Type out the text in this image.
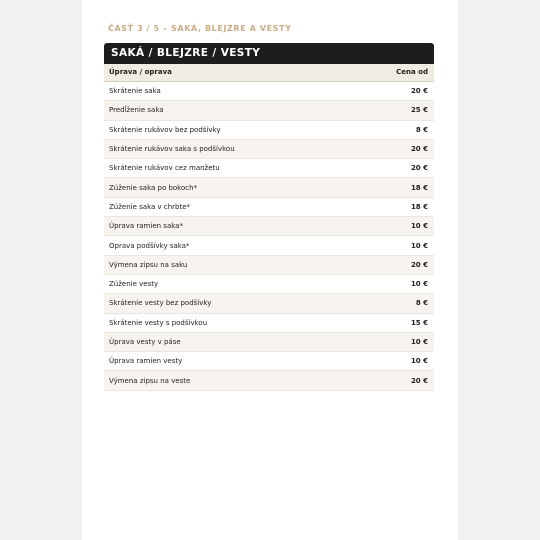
ČASŤ 3 / 5 – SAKÁ, BLEJZRE A VESTY
SAKÁ / BLEJZRE / VESTY
Úprava / oprava	Cena od
Skrátenie saka	20 €
Predĺženie saka	25 €
Skrátenie rukávov bez podšívky	8 €
Skrátenie rukávov saka s podšívkou	20 €
Skrátenie rukávov cez manžetu	20 €
Zúženie saka po bokoch*	18 €
Zúženie saka v chrbte*	18 €
Úprava ramien saka*	10 €
Oprava podšívky saka*	10 €
Výmena zipsu na saku	20 €
Zúženie vesty	10 €
Skrátenie vesty bez podšívky	8 €
Skrátenie vesty s podšívkou	15 €
Úprava vesty v páse	10 €
Úprava ramien vesty	10 €
Výmena zipsu na veste	20 €
